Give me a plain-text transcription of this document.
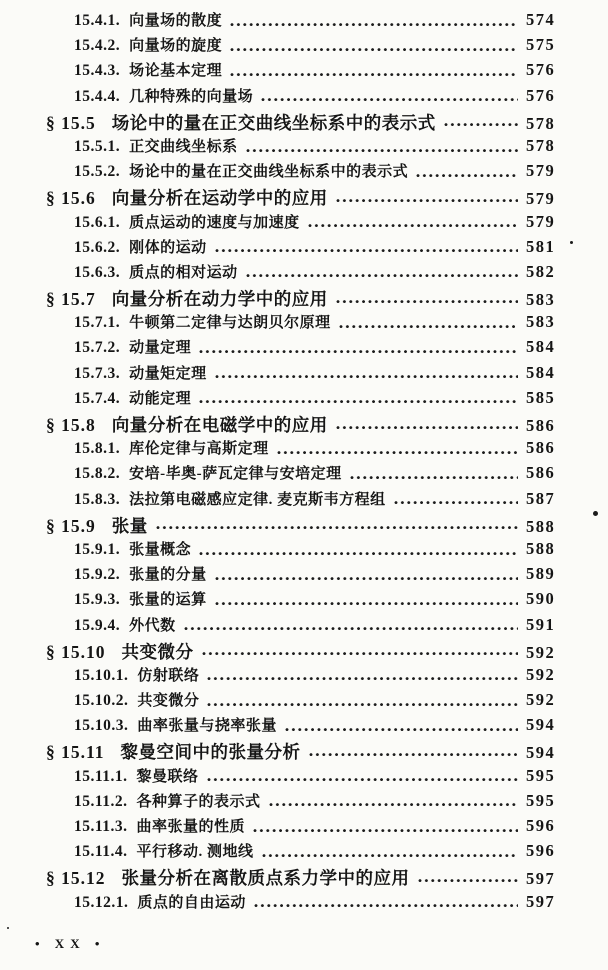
15.4.1. 向量场的散度	574
15.4.2. 向量场的旋度	575
15.4.3. 场论基本定理	576
15.4.4. 几种特殊的向量场	576
§ 15.5 场论中的量在正交曲线坐标系中的表示式	578
15.5.1. 正交曲线坐标系	578
15.5.2. 场论中的量在正交曲线坐标系中的表示式	579
§ 15.6 向量分析在运动学中的应用	579
15.6.1. 质点运动的速度与加速度	579
15.6.2. 刚体的运动	581
15.6.3. 质点的相对运动	582
§ 15.7 向量分析在动力学中的应用	583
15.7.1. 牛顿第二定律与达朗贝尔原理	583
15.7.2. 动量定理	584
15.7.3. 动量矩定理	584
15.7.4. 动能定理	585
§ 15.8 向量分析在电磁学中的应用	586
15.8.1. 库伦定律与高斯定理	586
15.8.2. 安培-毕奥-萨瓦定律与安培定理	586
15.8.3. 法拉第电磁感应定律. 麦克斯韦方程组	587
§ 15.9 张量	588
15.9.1. 张量概念	588
15.9.2. 张量的分量	589
15.9.3. 张量的运算	590
15.9.4. 外代数	591
§ 15.10 共变微分	592
15.10.1. 仿射联络	592
15.10.2. 共变微分	592
15.10.3. 曲率张量与挠率张量	594
§ 15.11 黎曼空间中的张量分析	594
15.11.1. 黎曼联络	595
15.11.2. 各种算子的表示式	595
15.11.3. 曲率张量的性质	596
15.11.4. 平行移动. 测地线	596
§ 15.12 张量分析在离散质点系力学中的应用	597
15.12.1. 质点的自由运动	597
• XX •
